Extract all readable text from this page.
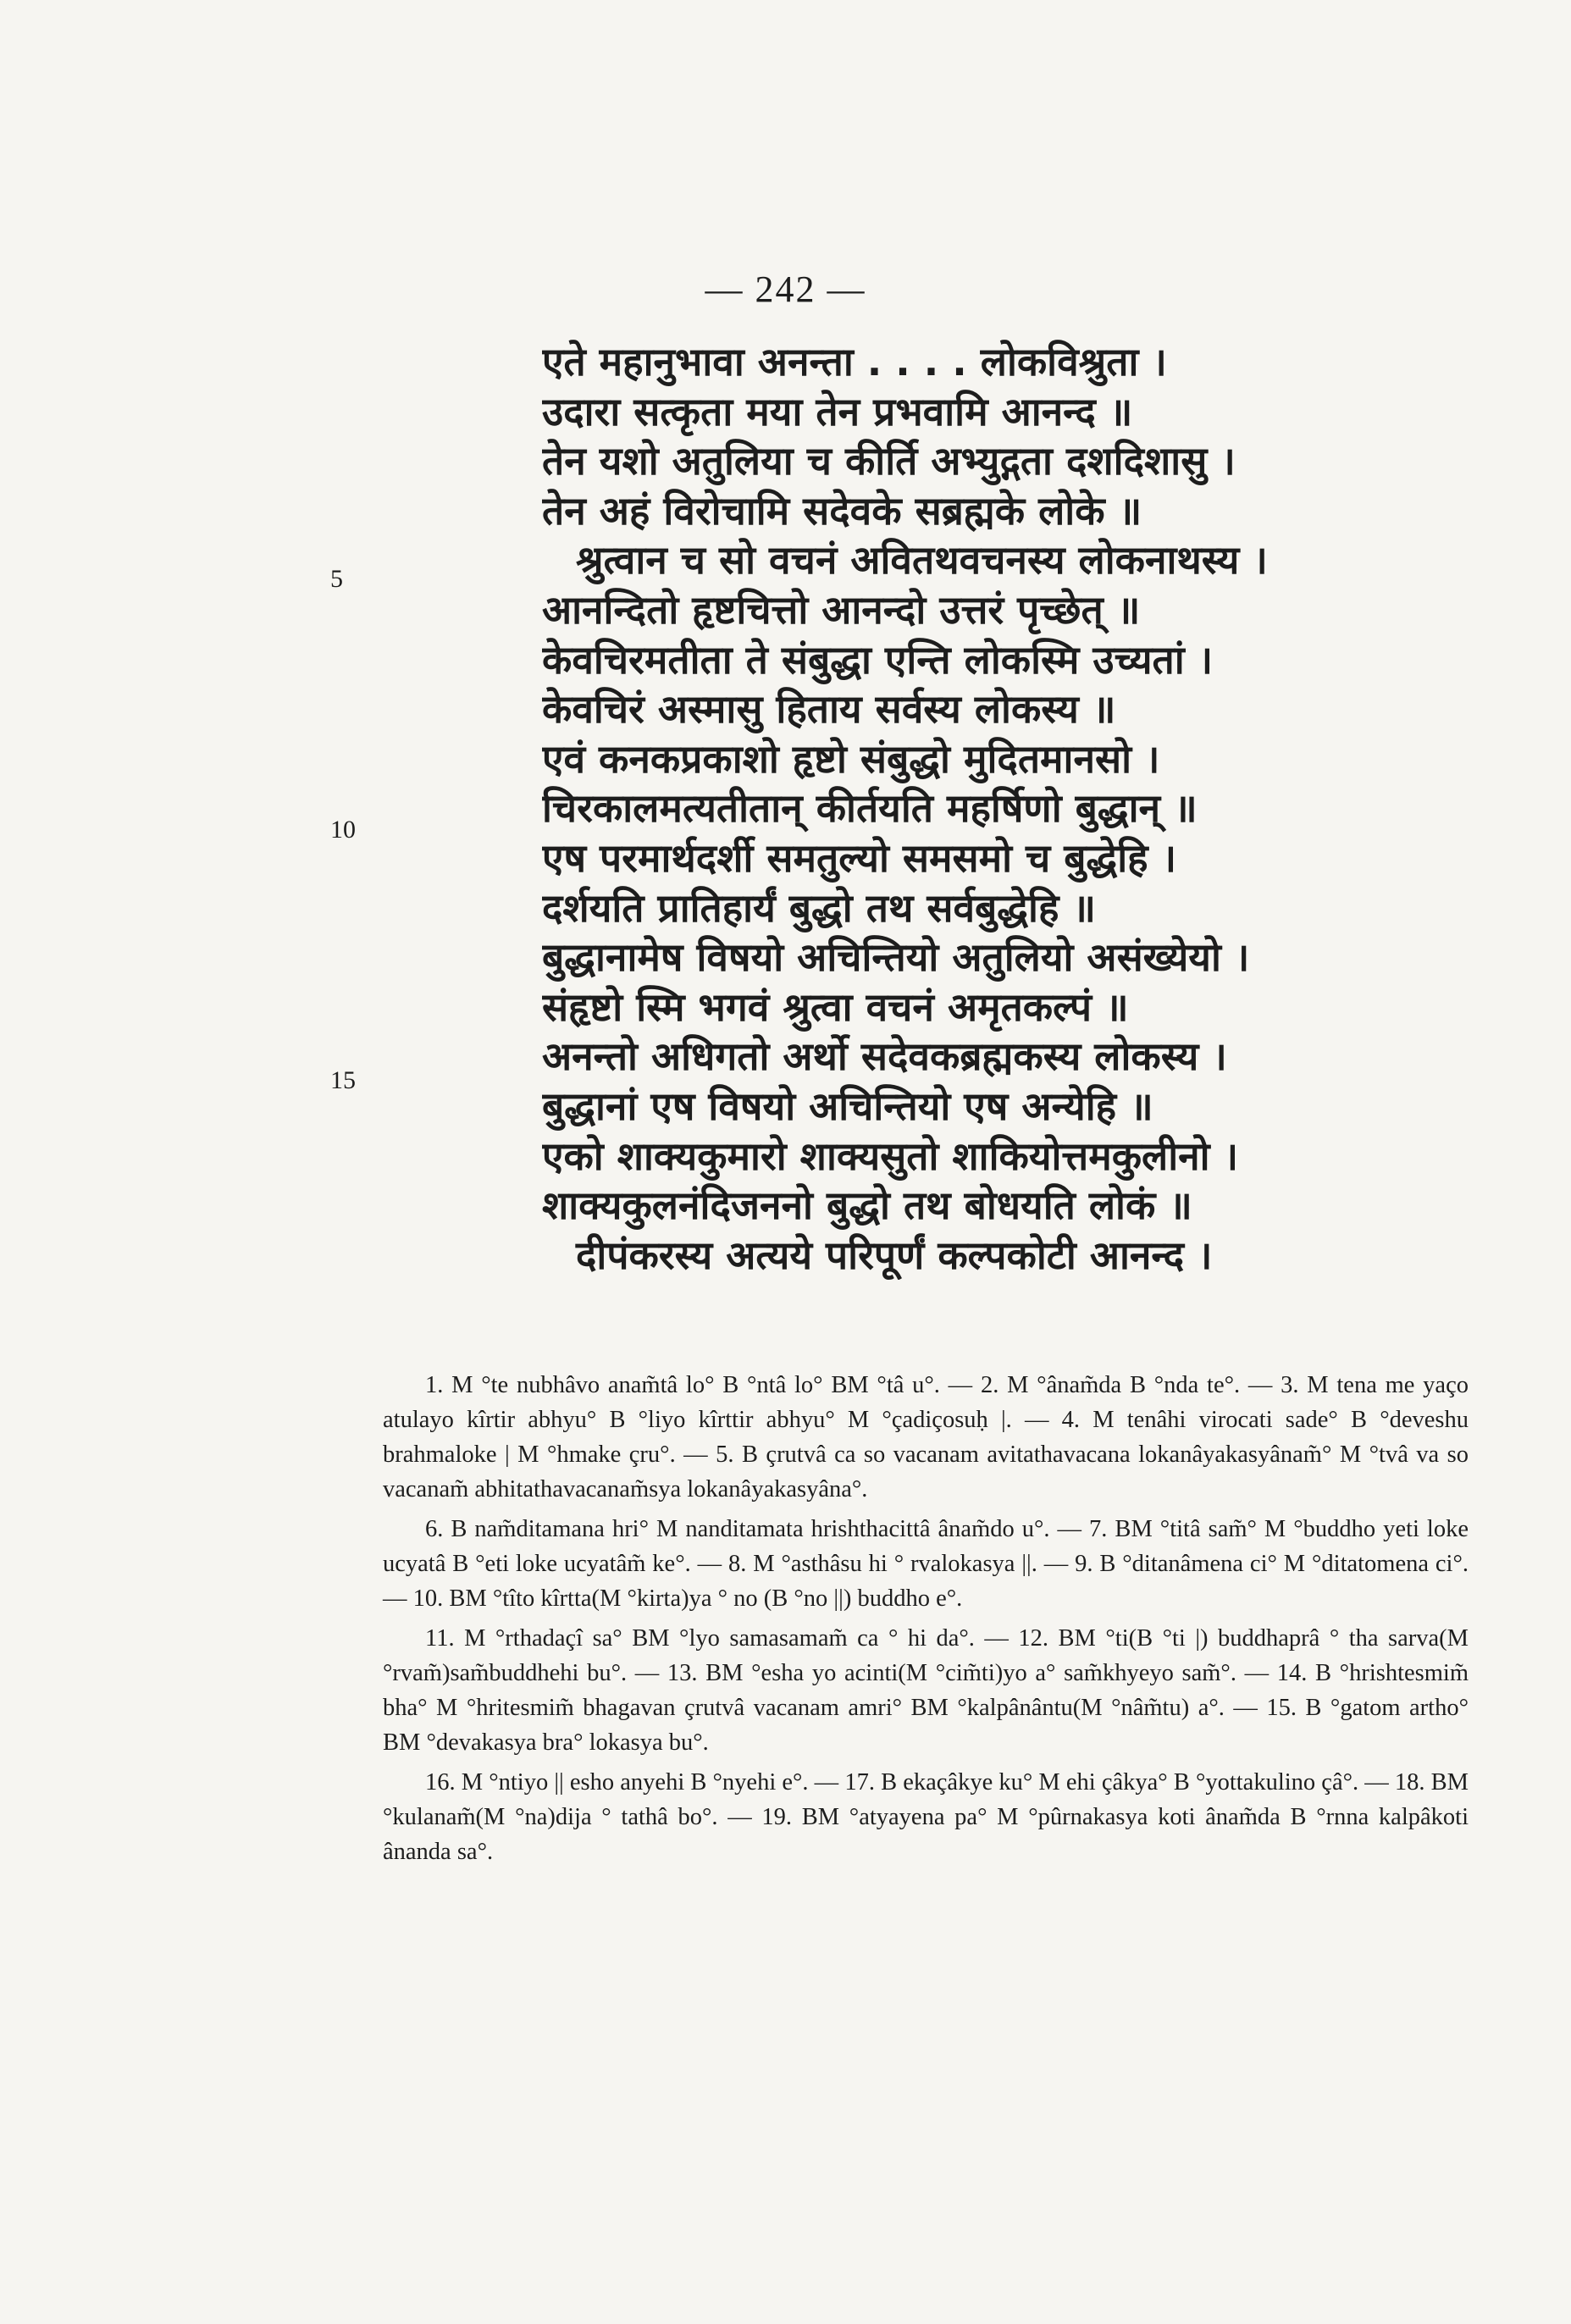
— 242 —
5
10
15
एते महानुभावा अनन्ता . . . . लोकविश्रुता ।
उदारा सत्कृता मया तेन प्रभवामि आनन्द ॥
तेन यशो अतुलिया च कीर्ति अभ्युद्गता दशदिशासु ।
तेन अहं विरोचामि सदेवके सब्रह्मके लोके ॥
श्रुत्वान च सो वचनं अवितथवचनस्य लोकनाथस्य ।
आनन्दितो हृष्टचित्तो आनन्दो उत्तरं पृच्छेत् ॥
केवचिरमतीता ते संबुद्धा एन्ति लोकस्मि उच्यतां ।
केवचिरं अस्मासु हिताय सर्वस्य लोकस्य ॥
एवं कनकप्रकाशो हृष्टो संबुद्धो मुदितमानसो ।
चिरकालमत्यतीतान् कीर्तयति महर्षिणो बुद्धान् ॥
एष परमार्थदर्शी समतुल्यो समसमो च बुद्धेहि ।
दर्शयति प्रातिहार्यं बुद्धो तथ सर्वबुद्धेहि ॥
बुद्धानामेष विषयो अचिन्तियो अतुलियो असंख्येयो ।
संहृष्टो स्मि भगवं श्रुत्वा वचनं अमृतकल्पं ॥
अनन्तो अधिगतो अर्थो सदेवकब्रह्मकस्य लोकस्य ।
बुद्धानां एष विषयो अचिन्तियो एष अन्येहि ॥
एको शाक्यकुमारो शाक्यसुतो शाकियोत्तमकुलीनो ।
शाक्यकुलनंदिजननो बुद्धो तथ बोधयति लोकं ॥
दीपंकरस्य अत्यये परिपूर्णं कल्पकोटी आनन्द ।

1. M °te nubhâvo anam̃tâ lo° B °ntâ lo° BM °tâ u°. — 2. M °ânam̃da B °nda te°. — 3. M tena me yaço atulayo kîrtir abhyu° B °liyo kîrttir abhyu° M °çadiçosuḥ |. — 4. M tenâhi virocati sade° B °deveshu brahmaloke | M °hmake çru°. — 5. B çrutvâ ca so vacanam avitathavacana lokanâyakasyânam̃° M °tvâ va so vacanam̃ abhitathavacanam̃sya lokanâyakasyâna°.

6. B nam̃ditamana hri° M nanditamata hrishthacittâ ânam̃do u°. — 7. BM °titâ sam̃° M °buddho yeti loke ucyatâ B °eti loke ucyatâm̃ ke°. — 8. M °asthâsu hi ° rvalokasya ||. — 9. B °ditanâmena ci° M °ditatomena ci°. — 10. BM °tîto kîrtta(M °kirta)ya ° no (B °no ||) buddho e°.

11. M °rthadaçî sa° BM °lyo samasamam̃ ca ° hi da°. — 12. BM °ti(B °ti |) buddhaprâ ° tha sarva(M °rvam̃)sam̃buddhehi bu°. — 13. BM °esha yo acinti(M °cim̃ti)yo a° sam̃khyeyo sam̃°. — 14. B °hrishtesmim̃ bha° M °hritesmim̃ bhagavan çrutvâ vacanam amri° BM °kalpânântu(M °nâm̃tu) a°. — 15. B °gatom artho° BM °devakasya bra° lokasya bu°.

16. M °ntiyo || esho anyehi B °nyehi e°. — 17. B ekaçâkye ku° M ehi çâkya° B °yottakulino çâ°. — 18. BM °kulanam̃(M °na)dija ° tathâ bo°. — 19. BM °atyayena pa° M °pûrnakasya koti ânam̃da B °rnna kalpâkoti ânanda sa°.
